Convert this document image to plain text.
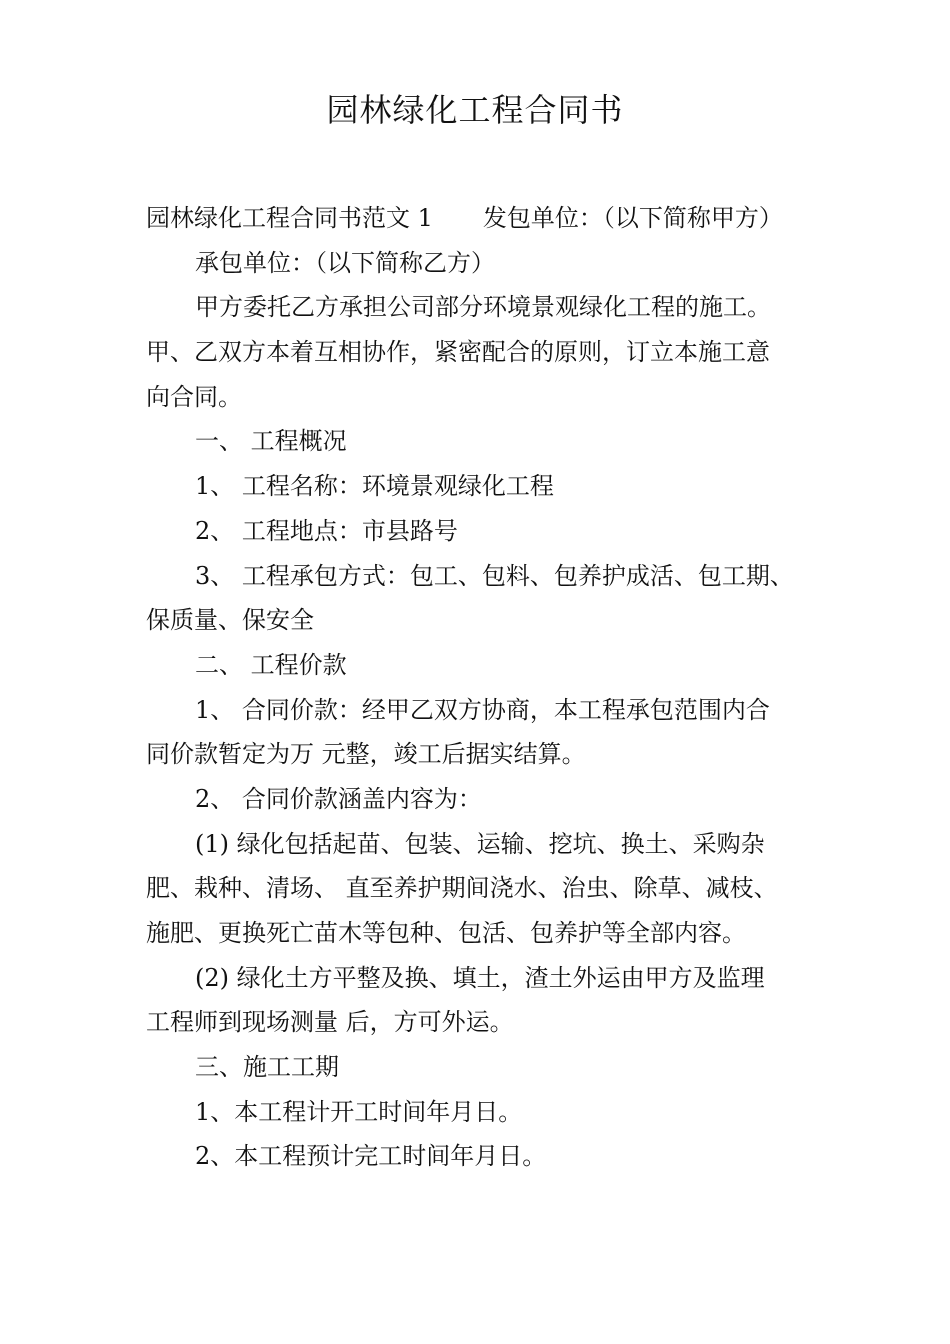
园林绿化工程合同书
园林绿化工程合同书范文 1 发包单位：（以下简称甲方）
承包单位：（以下简称乙方）
甲方委托乙方承担公司部分环境景观绿化工程的施工。
甲、乙双方本着互相协作，紧密配合的原则，订立本施工意
向合同。
一、 工程概况
1、 工程名称：环境景观绿化工程
2、 工程地点：市县路号
3、 工程承包方式：包工、包料、包养护成活、包工期、
保质量、保安全
二、 工程价款
1、 合同价款：经甲乙双方协商，本工程承包范围内合
同价款暂定为万 元整，竣工后据实结算。
2、 合同价款涵盖内容为：
(1) 绿化包括起苗、包装、运输、挖坑、换土、采购杂
肥、栽种、清场、 直至养护期间浇水、治虫、除草、减枝、
施肥、更换死亡苗木等包种、包活、包养护等全部内容。
(2) 绿化土方平整及换、填土，渣土外运由甲方及监理
工程师到现场测量 后，方可外运。
三、施工工期
1、本工程计开工时间年月日。
2、本工程预计完工时间年月日。
